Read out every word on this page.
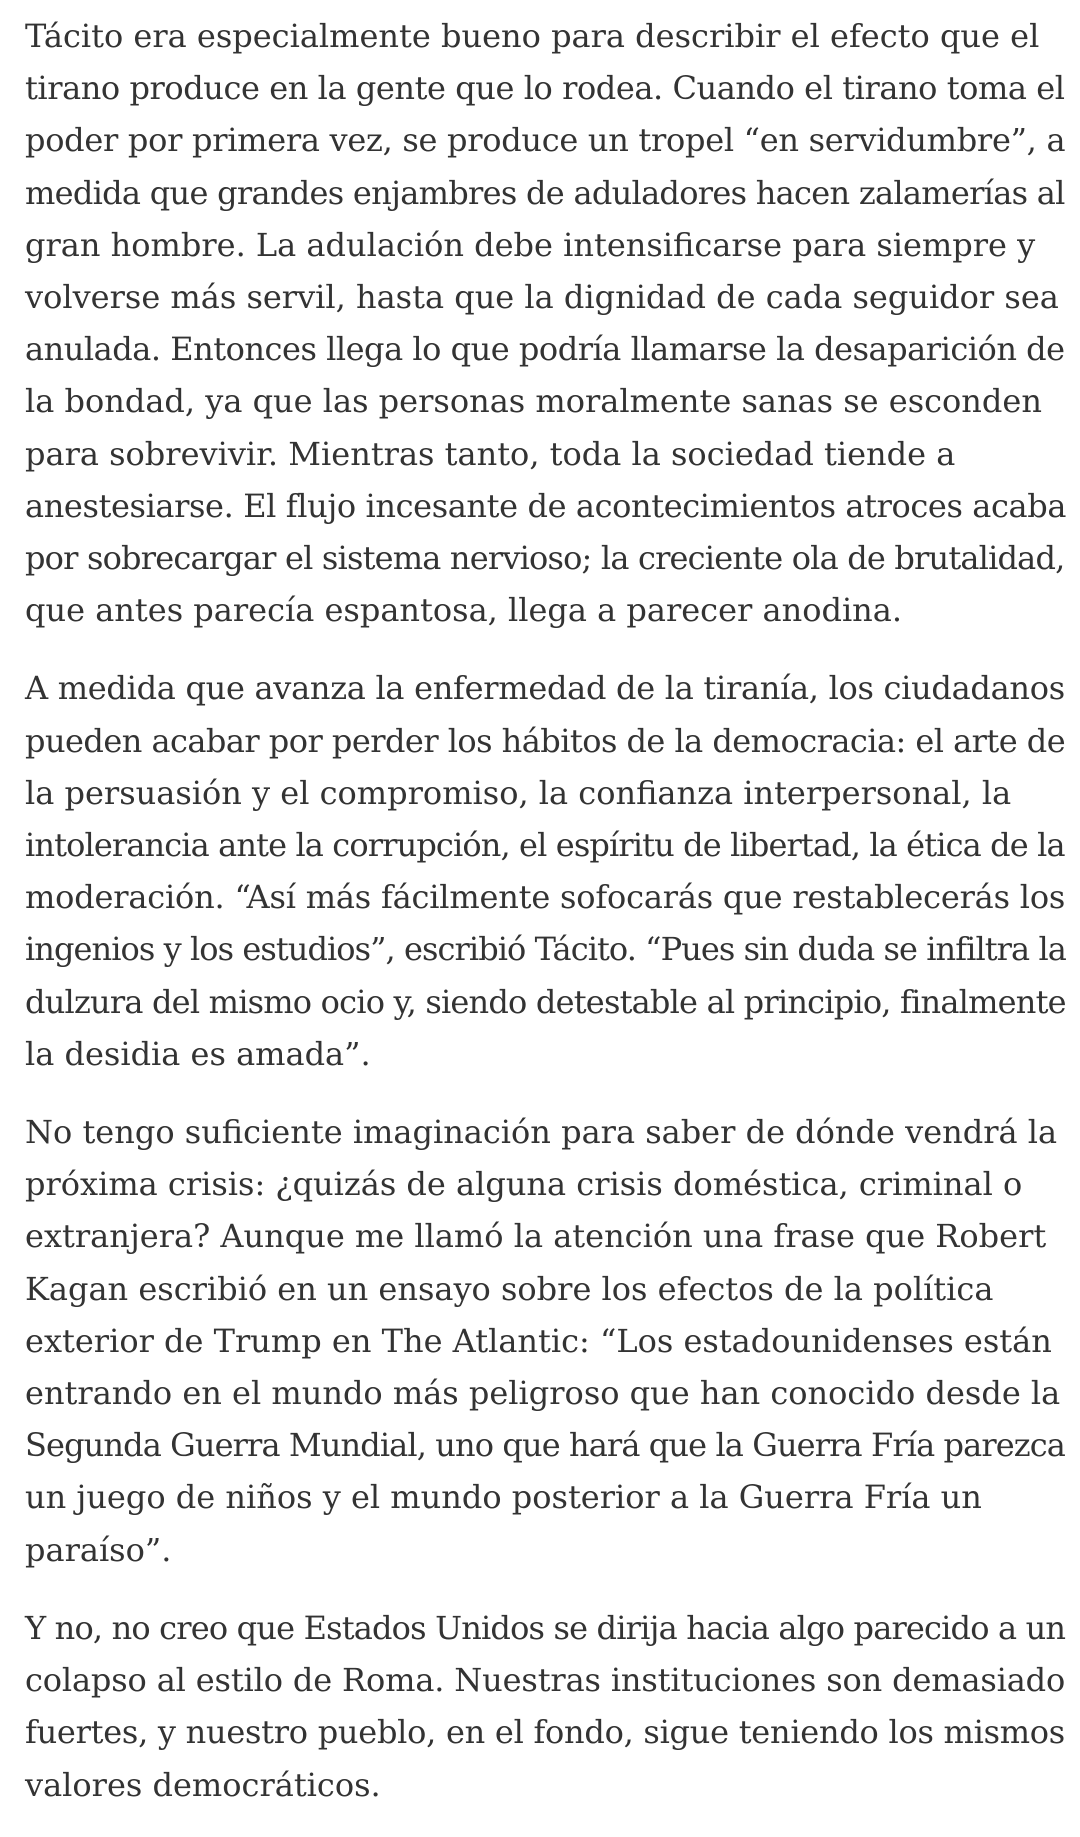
Tácito era especialmente bueno para describir el efecto que el
tirano produce en la gente que lo rodea. Cuando el tirano toma el
poder por primera vez, se produce un tropel “en servidumbre”, a
medida que grandes enjambres de aduladores hacen zalamerías al
gran hombre. La adulación debe intensificarse para siempre y
volverse más servil, hasta que la dignidad de cada seguidor sea
anulada. Entonces llega lo que podría llamarse la desaparición de
la bondad, ya que las personas moralmente sanas se esconden
para sobrevivir. Mientras tanto, toda la sociedad tiende a
anestesiarse. El flujo incesante de acontecimientos atroces acaba
por sobrecargar el sistema nervioso; la creciente ola de brutalidad,
que antes parecía espantosa, llega a parecer anodina.

A medida que avanza la enfermedad de la tiranía, los ciudadanos
pueden acabar por perder los hábitos de la democracia: el arte de
la persuasión y el compromiso, la confianza interpersonal, la
intolerancia ante la corrupción, el espíritu de libertad, la ética de la
moderación. “Así más fácilmente sofocarás que restablecerás los
ingenios y los estudios”, escribió Tácito. “Pues sin duda se infiltra la
dulzura del mismo ocio y, siendo detestable al principio, finalmente
la desidia es amada”.

No tengo suficiente imaginación para saber de dónde vendrá la
próxima crisis: ¿quizás de alguna crisis doméstica, criminal o
extranjera? Aunque me llamó la atención una frase que Robert
Kagan escribió en un ensayo sobre los efectos de la política
exterior de Trump en The Atlantic: “Los estadounidenses están
entrando en el mundo más peligroso que han conocido desde la
Segunda Guerra Mundial, uno que hará que la Guerra Fría parezca
un juego de niños y el mundo posterior a la Guerra Fría un
paraíso”.

Y no, no creo que Estados Unidos se dirija hacia algo parecido a un
colapso al estilo de Roma. Nuestras instituciones son demasiado
fuertes, y nuestro pueblo, en el fondo, sigue teniendo los mismos
valores democráticos.
